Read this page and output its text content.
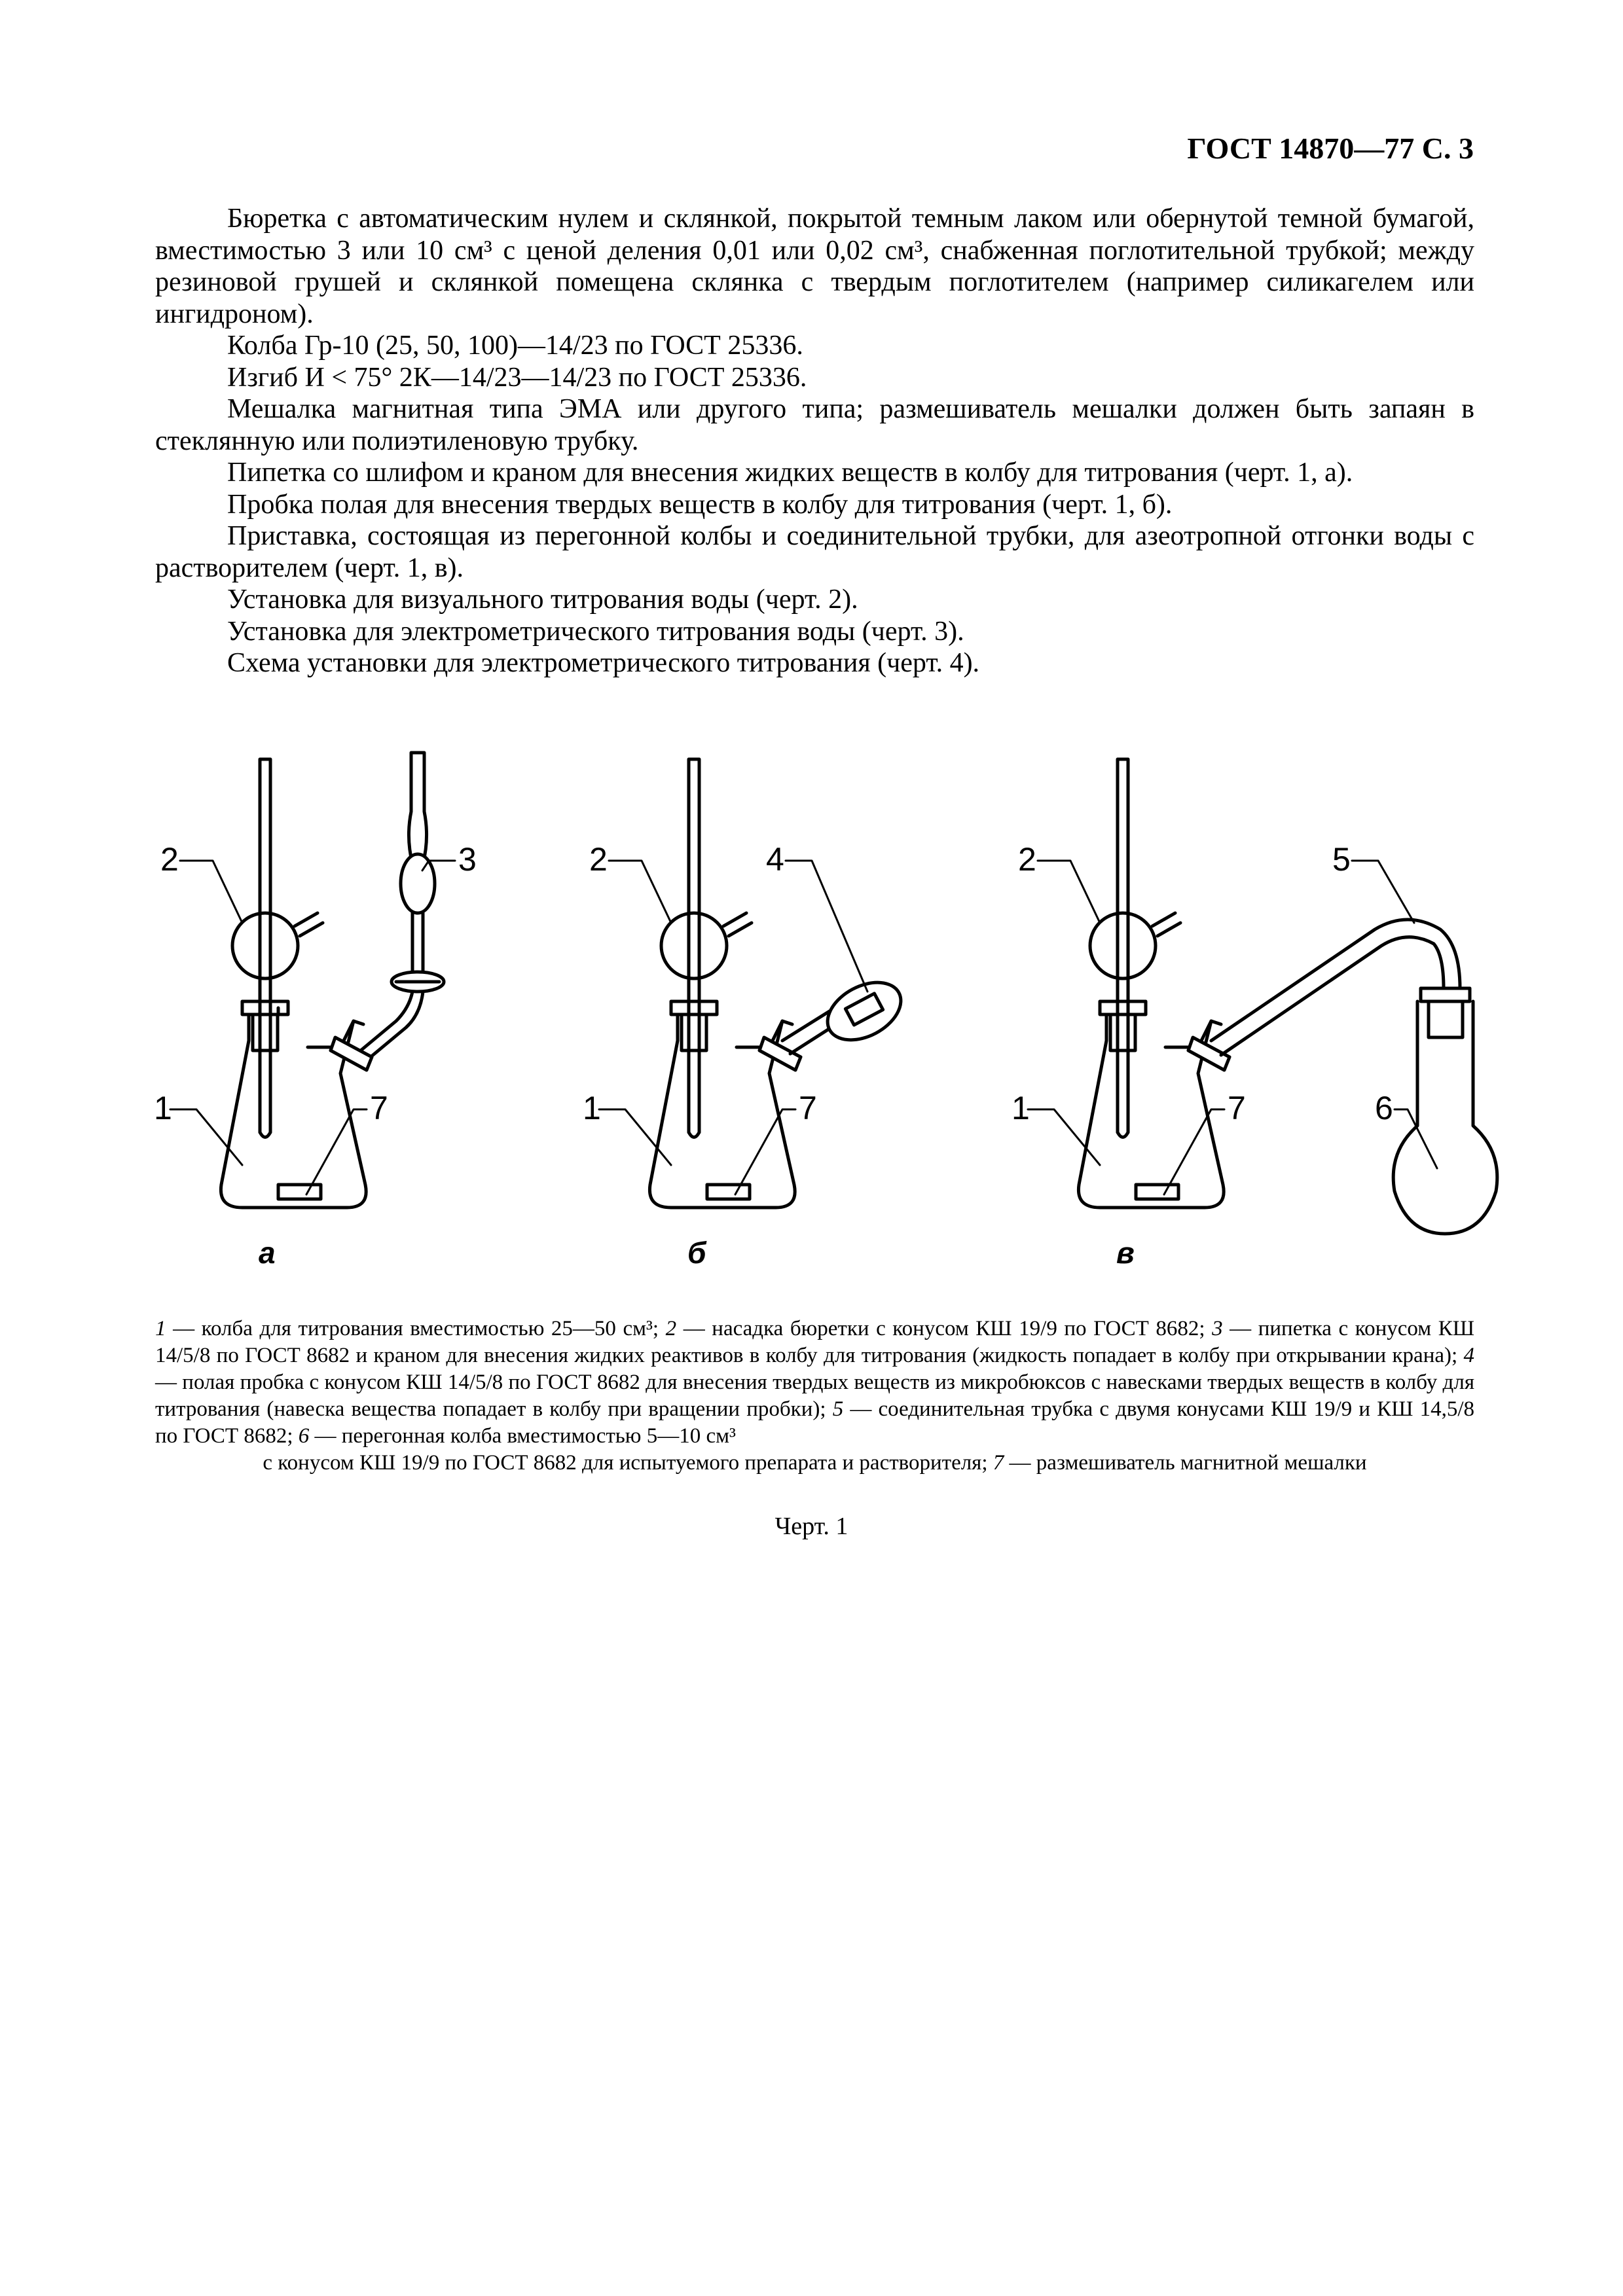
ГОСТ 14870—77 С. 3

Бюретка с автоматическим нулем и склянкой, покрытой темным лаком или обернутой темной бумагой, вместимостью 3 или 10 см³ с ценой деления 0,01 или 0,02 см³, снабженная поглотительной трубкой; между резиновой грушей и склянкой помещена склянка с твердым поглотителем (например силикагелем или ингидроном).

Колба Гр-10 (25, 50, 100)—14/23 по ГОСТ 25336.

Изгиб И < 75° 2К—14/23—14/23 по ГОСТ 25336.

Мешалка магнитная типа ЭМА или другого типа; размешиватель мешалки должен быть запаян в стеклянную или полиэтиленовую трубку.

Пипетка со шлифом и краном для внесения жидких веществ в колбу для титрования (черт. 1, а).

Пробка полая для внесения твердых веществ в колбу для титрования (черт. 1, б).

Приставка, состоящая из перегонной колбы и соединительной трубки, для азеотропной отгонки воды с растворителем (черт. 1, в).

Установка для визуального титрования воды (черт. 2).

Установка для электрометрического титрования воды (черт. 3).

Схема установки для электрометрического титрования (черт. 4).

2	3
1	7
а
2	4
1	7
б
2	5
1	7	6
в

1 — колба для титрования вместимостью 25—50 см³; 2 — насадка бюретки с конусом КШ 19/9 по ГОСТ 8682; 3 — пипетка с конусом КШ 14/5/8 по ГОСТ 8682 и краном для внесения жидких реактивов в колбу для титрования (жидкость попадает в колбу при открывании крана); 4 — полая пробка с конусом КШ 14/5/8 по ГОСТ 8682 для внесения твердых веществ из микробюксов с навесками твердых веществ в колбу для титрования (навеска вещества попадает в колбу при вращении пробки); 5 — соединительная трубка с двумя конусами КШ 19/9 и КШ 14,5/8 по ГОСТ 8682; 6 — перегонная колба вместимостью 5—10 см³

с конусом КШ 19/9 по ГОСТ 8682 для испытуемого препарата и растворителя; 7 — размешиватель магнитной мешалки

Черт. 1
